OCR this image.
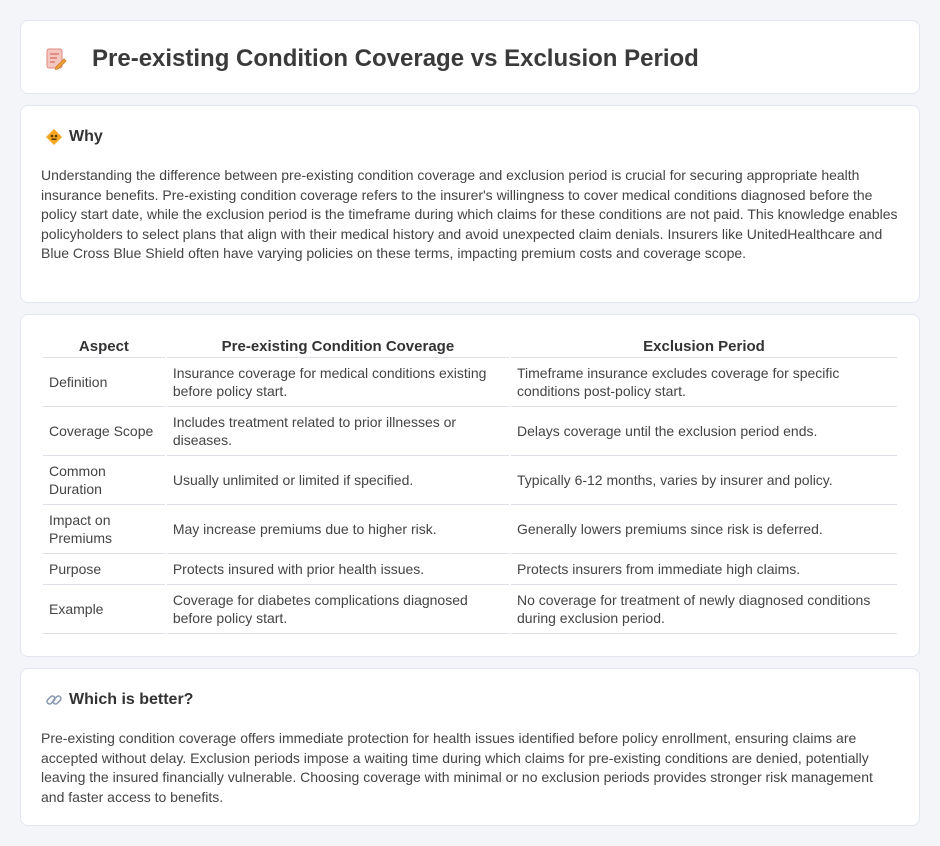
Pre-existing Condition Coverage vs Exclusion Period
Why

Understanding the difference between pre-existing condition coverage and exclusion period is crucial for securing appropriate health insurance benefits. Pre-existing condition coverage refers to the insurer's willingness to cover medical conditions diagnosed before the policy start date, while the exclusion period is the timeframe during which claims for these conditions are not paid. This knowledge enables policyholders to select plans that align with their medical history and avoid unexpected claim denials. Insurers like UnitedHealthcare and Blue Cross Blue Shield often have varying policies on these terms, impacting premium costs and coverage scope.

Aspect	Pre-existing Condition Coverage	Exclusion Period
Definition	Insurance coverage for medical conditions existing before policy start.	Timeframe insurance excludes coverage for specific conditions post-policy start.
Coverage Scope	Includes treatment related to prior illnesses or diseases.	Delays coverage until the exclusion period ends.
Common Duration	Usually unlimited or limited if specified.	Typically 6-12 months, varies by insurer and policy.
Impact on Premiums	May increase premiums due to higher risk.	Generally lowers premiums since risk is deferred.
Purpose	Protects insured with prior health issues.	Protects insurers from immediate high claims.
Example	Coverage for diabetes complications diagnosed before policy start.	No coverage for treatment of newly diagnosed conditions during exclusion period.
Which is better?

Pre-existing condition coverage offers immediate protection for health issues identified before policy enrollment, ensuring claims are accepted without delay. Exclusion periods impose a waiting time during which claims for pre-existing conditions are denied, potentially leaving the insured financially vulnerable. Choosing coverage with minimal or no exclusion periods provides stronger risk management and faster access to benefits.
